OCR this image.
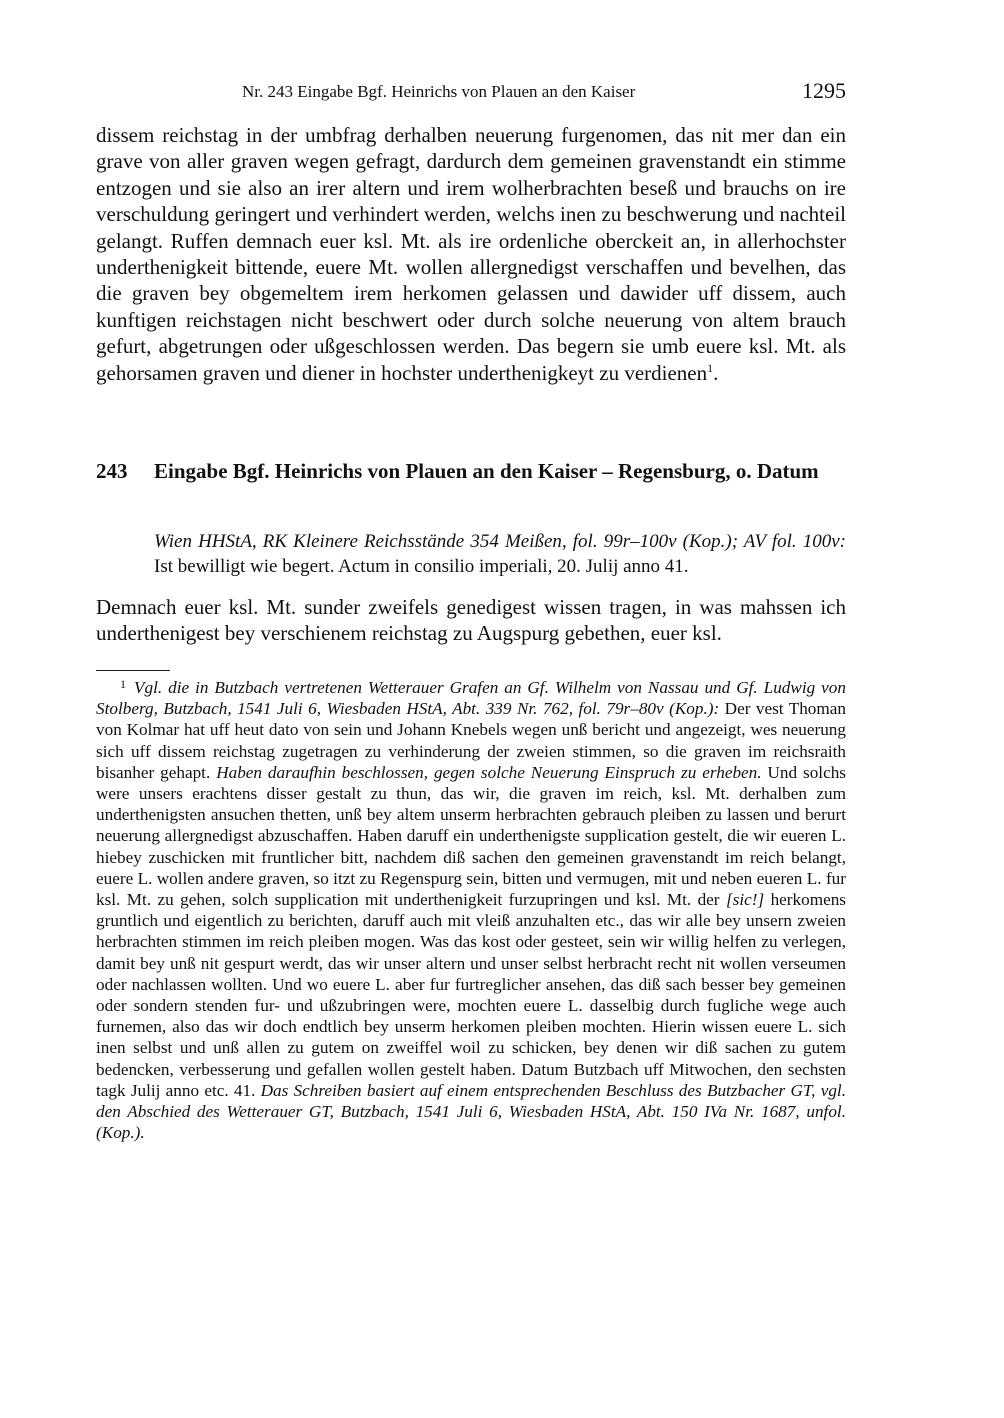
Nr. 243 Eingabe Bgf. Heinrichs von Plauen an den Kaiser	1295

dissem reichstag in der umbfrag derhalben neuerung furgenomen, das nit mer dan ein grave von aller graven wegen gefragt, dardurch dem gemeinen gravenstandt ein stimme entzogen und sie also an irer altern und irem wolherbrachten beseß und brauchs on ire verschuldung geringert und verhindert werden, welchs inen zu beschwerung und nachteil gelangt. Ruffen demnach euer ksl. Mt. als ire ordenliche oberckeit an, in allerhochster underthenigkeit bittende, euere Mt. wollen allergnedigst verschaffen und bevelhen, das die graven bey obgemeltem irem herkomen gelassen und dawider uff dissem, auch kunftigen reichstagen nicht beschwert oder durch solche neuerung von altem brauch gefurt, abgetrungen oder ußgeschlossen werden. Das begern sie umb euere ksl. Mt. als gehorsamen graven und diener in hochster underthenigkeyt zu verdienen$^1$.

243 Eingabe Bgf. Heinrichs von Plauen an den Kaiser – Regensburg, o. Datum

Wien HHStA, RK Kleinere Reichsstände 354 Meißen, fol. 99r–100v (Kop.); AV fol. 100v: Ist bewilligt wie begert. Actum in consilio imperiali, 20. Julij anno 41.

Demnach euer ksl. Mt. sunder zweifels genedigest wissen tragen, in was mahssen ich underthenigest bey verschienem reichstag zu Augspurg gebethen, euer ksl.

$^1$ Vgl. die in Butzbach vertretenen Wetterauer Grafen an Gf. Wilhelm von Nassau und Gf. Ludwig von Stolberg, Butzbach, 1541 Juli 6, Wiesbaden HStA, Abt. 339 Nr. 762, fol. 79r–80v (Kop.): Der vest Thoman von Kolmar hat uff heut dato von sein und Johann Knebels wegen unß bericht und angezeigt, wes neuerung sich uff dissem reichstag zugetragen zu verhinderung der zweien stimmen, so die graven im reichsraith bisanher gehapt. Haben daraufhin beschlossen, gegen solche Neuerung Einspruch zu erheben. Und solchs were unsers erachtens disser gestalt zu thun, das wir, die graven im reich, ksl. Mt. derhalben zum underthenigsten ansuchen thetten, unß bey altem unserm herbrachten gebrauch pleiben zu lassen und berurt neuerung allergnedigst abzuschaffen. Haben daruff ein underthenigste supplication gestelt, die wir eueren L. hiebey zuschicken mit fruntlicher bitt, nachdem diß sachen den gemeinen gravenstandt im reich belangt, euere L. wollen andere graven, so itzt zu Regenspurg sein, bitten und vermugen, mit und neben eueren L. fur ksl. Mt. zu gehen, solch supplication mit underthenigkeit furzupringen und ksl. Mt. der [sic!] herkomens gruntlich und eigentlich zu berichten, daruff auch mit vleiß anzuhalten etc., das wir alle bey unsern zweien herbrachten stimmen im reich pleiben mogen. Was das kost oder gesteet, sein wir willig helfen zu verlegen, damit bey unß nit gespurt werdt, das wir unser altern und unser selbst herbracht recht nit wollen verseumen oder nachlassen wollten. Und wo euere L. aber fur furtreglicher ansehen, das diß sach besser bey gemeinen oder sondern stenden fur- und ußzubringen were, mochten euere L. dasselbig durch fugliche wege auch furnemen, also das wir doch endtlich bey unserm herkomen pleiben mochten. Hierin wissen euere L. sich inen selbst und unß allen zu gutem on zweiffel woil zu schicken, bey denen wir diß sachen zu gutem bedencken, verbesserung und gefallen wollen gestelt haben. Datum Butzbach uff Mitwochen, den sechsten tagk Julij anno etc. 41. Das Schreiben basiert auf einem entsprechenden Beschluss des Butzbacher GT, vgl. den Abschied des Wetterauer GT, Butzbach, 1541 Juli 6, Wiesbaden HStA, Abt. 150 IVa Nr. 1687, unfol. (Kop.).
